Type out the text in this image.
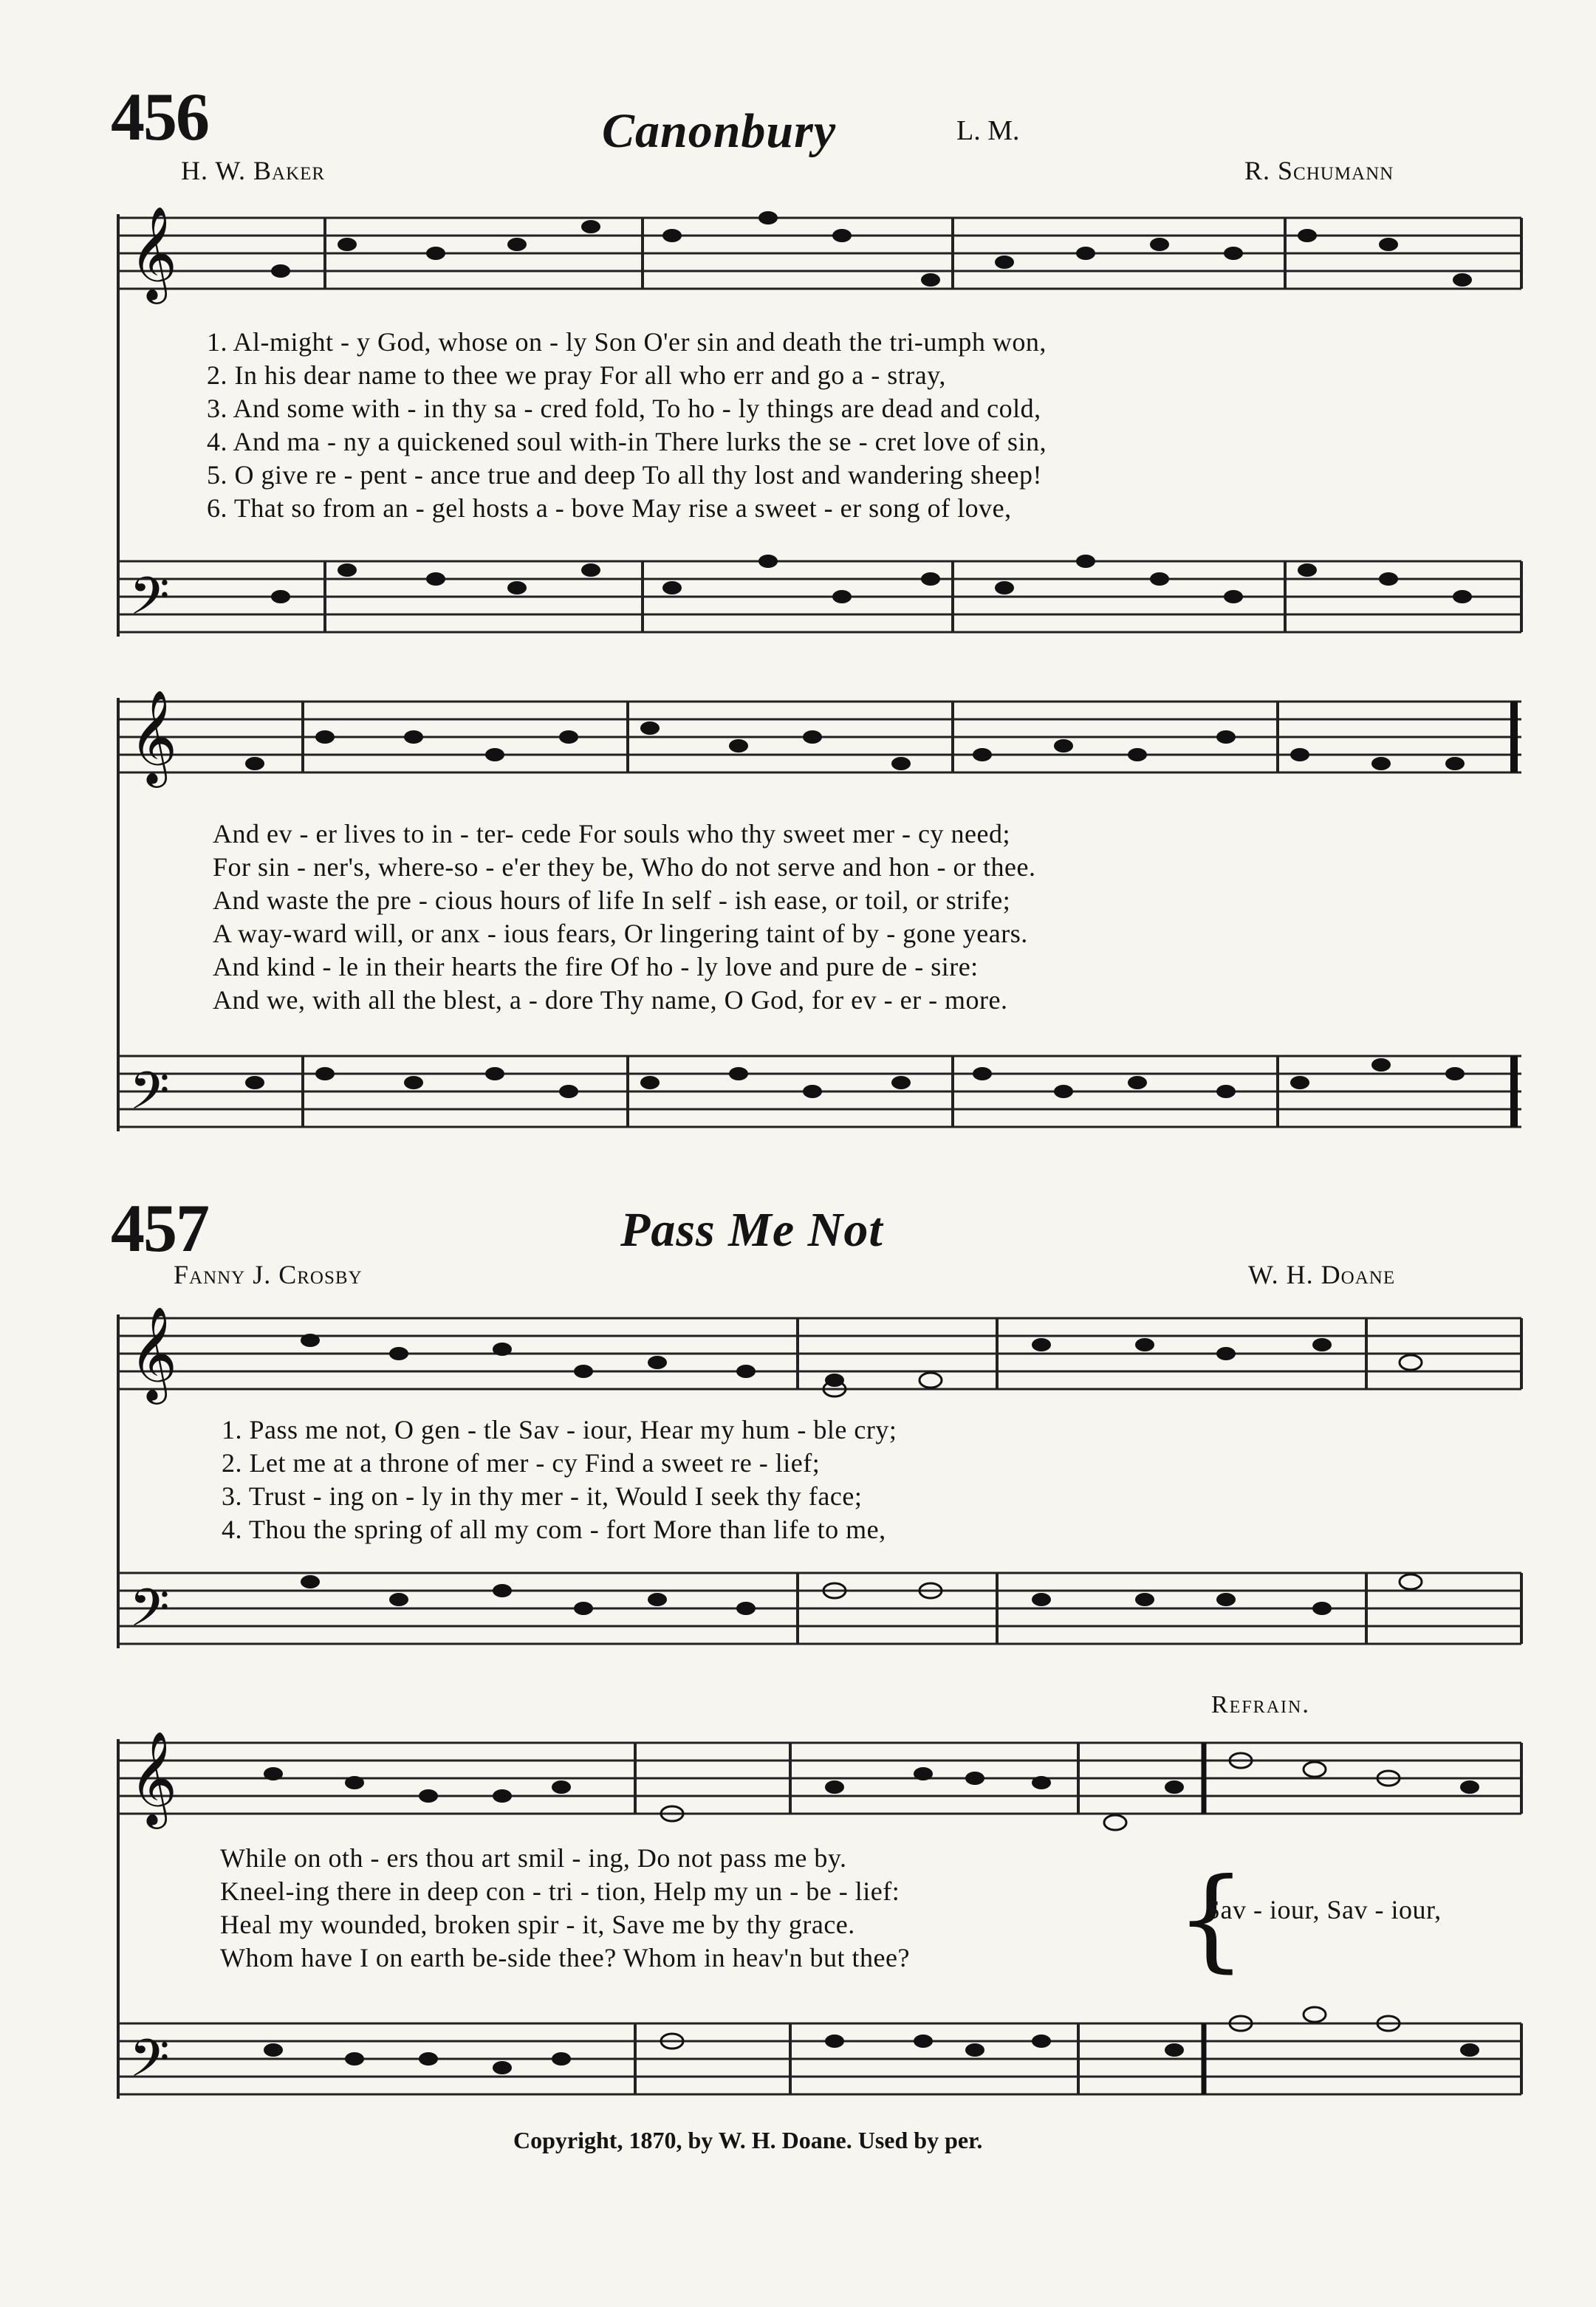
456	Canonbury	L. M.
H. W. Baker	R. Schumann
𝄞
𝄢
1. Al-might - y God, whose on - ly Son O'er sin and death the tri-umph won,
2. In his dear name to thee we pray For all who err and go a - stray,
3. And some with - in thy sa - cred fold, To ho - ly things are dead and cold,
4. And ma - ny a quickened soul with-in There lurks the se - cret love of sin,
5. O give re - pent - ance true and deep To all thy lost and wandering sheep!
6. That so from an - gel hosts a - bove May rise a sweet - er song of love,
𝄞
𝄢
And ev - er lives to in - ter- cede For souls who thy sweet mer - cy need;
For sin - ner's, where-so - e'er they be, Who do not serve and hon - or thee.
And waste the pre - cious hours of life In self - ish ease, or toil, or strife;
A way-ward will, or anx - ious fears, Or lingering taint of by - gone years.
And kind - le in their hearts the fire Of ho - ly love and pure de - sire:
And we, with all the blest, a - dore Thy name, O God, for ev - er - more.
457	Pass Me Not
Fanny J. Crosby	W. H. Doane
𝄞
𝄢
1. Pass me not, O gen - tle Sav - iour, Hear my hum - ble cry;
2. Let me at a throne of mer - cy Find a sweet re - lief;
3. Trust - ing on - ly in thy mer - it, Would I seek thy face;
4. Thou the spring of all my com - fort More than life to me,
Refrain.
𝄞
𝄢
{
While on oth - ers thou art smil - ing, Do not pass me by.
Kneel-ing there in deep con - tri - tion, Help my un - be - lief:
Heal my wounded, broken spir - it, Save me by thy grace.
Whom have I on earth be-side thee? Whom in heav'n but thee?
Sav - iour, Sav - iour,
Copyright, 1870, by W. H. Doane. Used by per.
